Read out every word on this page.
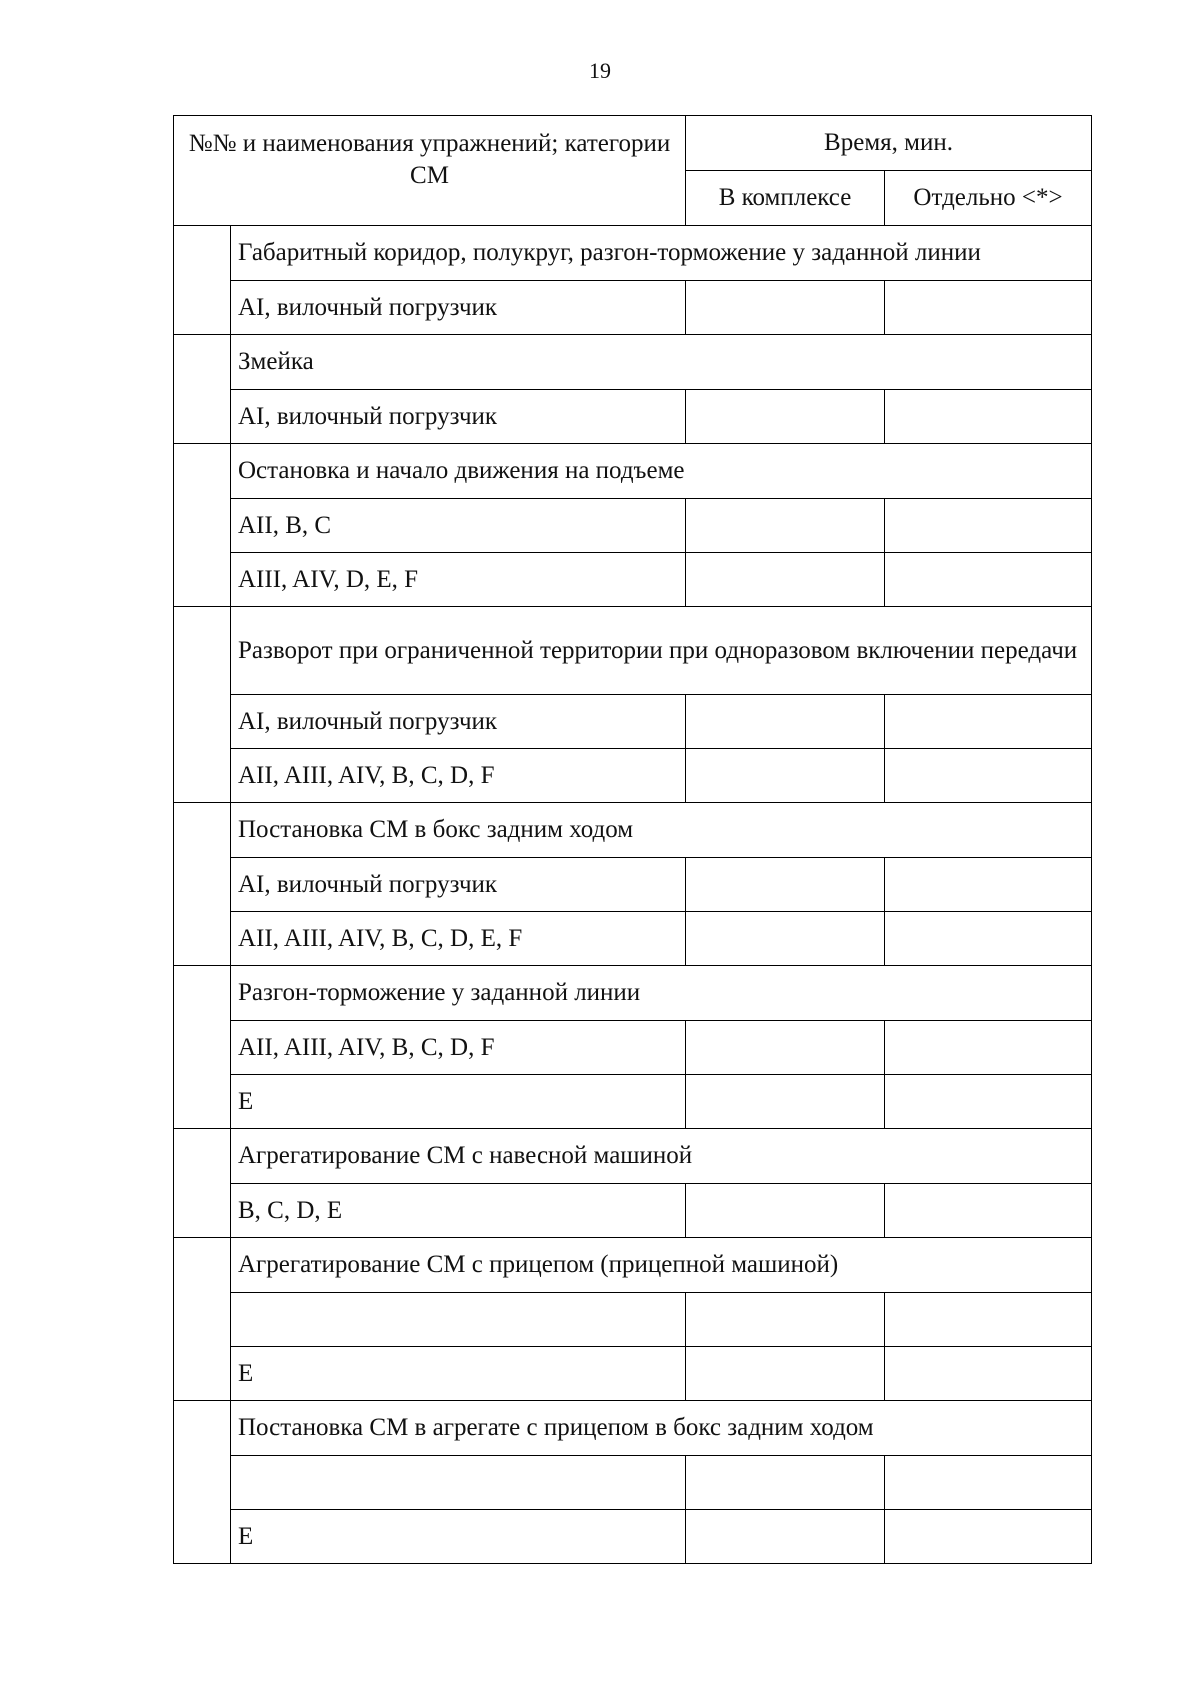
19
№№ и наименования упражнений; категории СМ		Время, мин.	
		В комплексе	Отдельно <*>
	Габаритный коридор, полукруг, разгон-торможение у заданной линии		
	AI, вилочный погрузчик		
	Змейка		
	AI, вилочный погрузчик		
	Остановка и начало движения на подъеме		
	AII, B, C		
	AIII, AIV, D, E, F		
	Разворот при ограниченной территории при одноразовом включении передачи		
	AI, вилочный погрузчик		
	AII, AIII, AIV, B, C, D, F		
	Постановка СМ в бокс задним ходом		
	AI, вилочный погрузчик		
	AII, AIII, AIV, B, C, D, E, F		
	Разгон-торможение у заданной линии		
	AII, AIII, AIV, B, C, D, F		
	E		
	Агрегатирование СМ с навесной машиной		
	B, C, D, E		
	Агрегатирование СМ с прицепом (прицепной машиной)		

	E		
	Постановка СМ в агрегате с прицепом в бокс задним ходом		

	E		
